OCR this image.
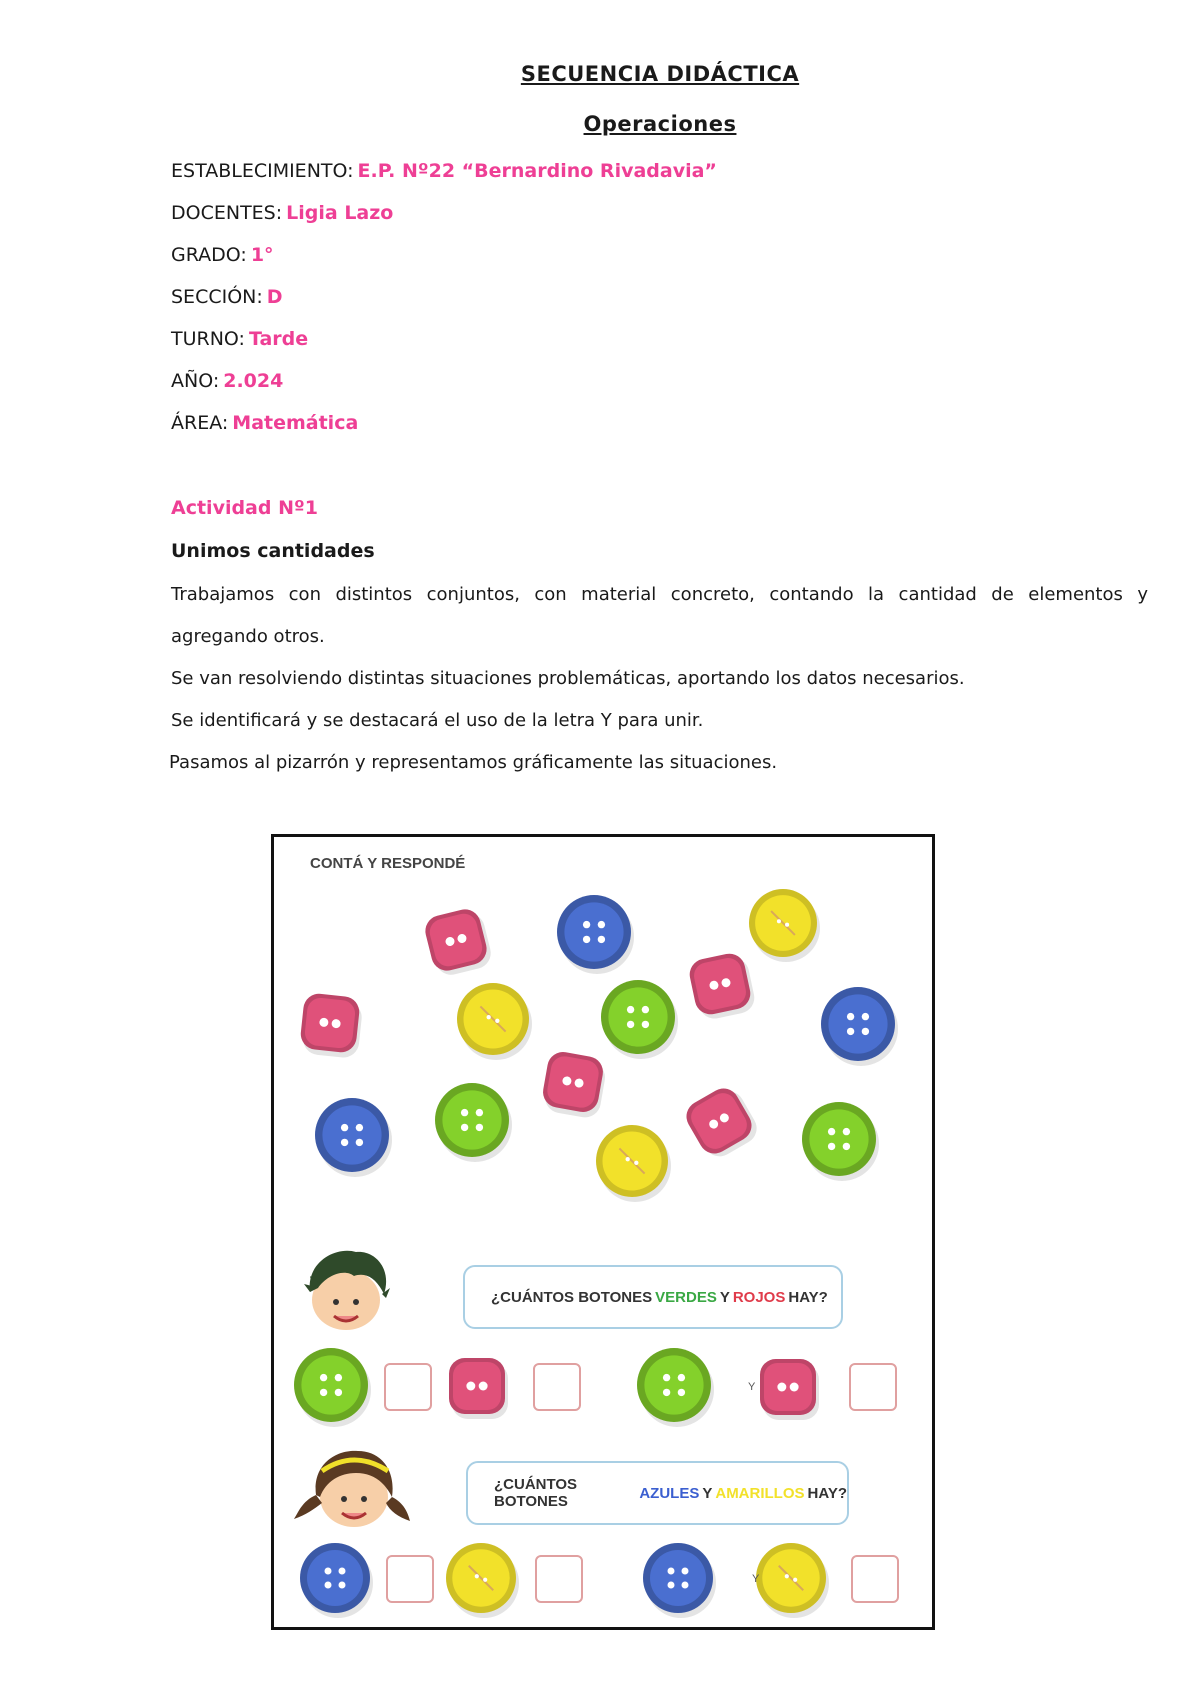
SECUENCIA DIDÁCTICA
Operaciones
ESTABLECIMIENTO: E.P. Nº22 “Bernardino Rivadavia”
DOCENTES: Ligia Lazo
GRADO: 1°
SECCIÓN: D
TURNO: Tarde
AÑO: 2.024
ÁREA: Matemática
Actividad Nº1
Unimos cantidades
Trabajamos con distintos conjuntos, con material concreto, contando la cantidad de elementos y
agregando otros.
Se van resolviendo distintas situaciones problemáticas, aportando los datos necesarios.
Se identificará y se destacará el uso de la letra Y para unir.
Pasamos al pizarrón y representamos gráficamente las situaciones.
CONTÁ Y RESPONDÉ
¿CUÁNTOS BOTONES VERDES Y ROJOS HAY?
¿CUÁNTOS BOTONES	AZULES Y AMARILLOS HAY?
Y
Y
